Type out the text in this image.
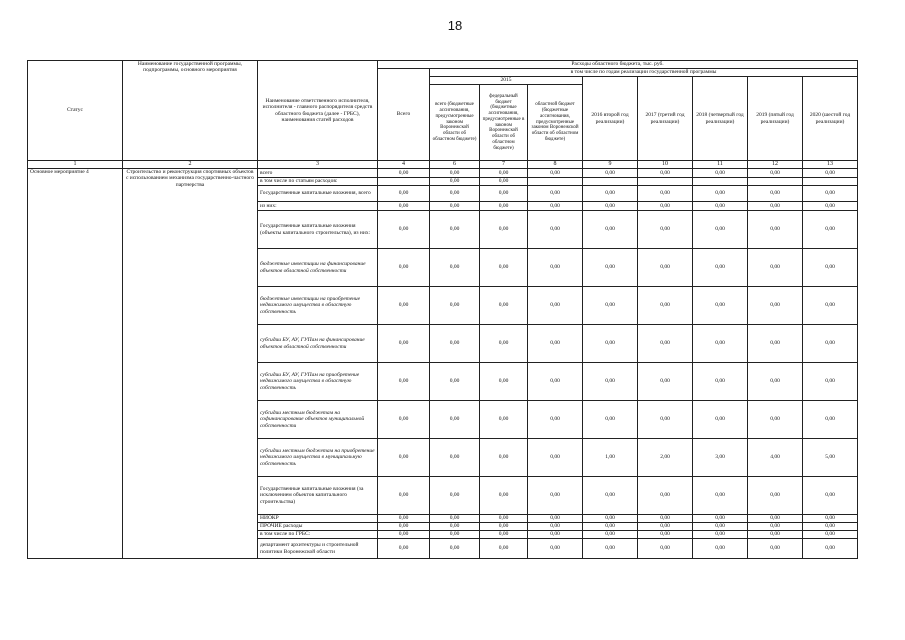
18
Статус	Наименование государственной программы, подпрограммы, основного мероприятия	Наименование ответственного исполнителя, исполнителя - главного распорядителя средств областного бюджета (далее - ГРБС), наименования статей расходов	Расходы областного бюджета, тыс. руб.								
			Всего	в том числе по годам реализации государственной программы							
				2015			2016 второй год реализации)	2017 (третий год реализации)	2018 (четвертый год реализации)	2019 (пятый год реализации)	2020 (шестой год реализации)
				всего (бюджетные ассигнования, предусмотренные законом Воронежской области об областном бюджете)	федеральный бюджет (бюджетные ассигнования, предусмотренные в законом Воронежской области об областном бюджете)	областной бюджет (бюджетные ассигнования, предусмотренные законом Воронежской области об областном бюджете)					
1	2	3	4	6	7	8	9	10	11	12	13
Основное мероприятие 4	Строительство и реконструкция спортивных объектов с использованием механизма государственно-частного партнерства	всего	0,00	0,00	0,00	0,00	0,00	0,00	0,00	0,00	0,00
		в том числе по статьям расходов:		0,00	0,00						
		Государственные капитальные вложения, всего	0,00	0,00	0,00	0,00	0,00	0,00	0,00	0,00	0,00
		из них:	0,00	0,00	0,00	0,00	0,00	0,00	0,00	0,00	0,00
		Государственные капитальные вложения (объекты капитального строительства), из них:	0,00	0,00	0,00	0,00	0,00	0,00	0,00	0,00	0,00
		бюджетные инвестиции на финансирование объектов областной собственности	0,00	0,00	0,00	0,00	0,00	0,00	0,00	0,00	0,00
		бюджетные инвестиции на приобретение недвижимого имущества в областную собственность	0,00	0,00	0,00	0,00	0,00	0,00	0,00	0,00	0,00
		субсидии БУ, АУ, ГУПам на финансирование объектов областной собственности	0,00	0,00	0,00	0,00	0,00	0,00	0,00	0,00	0,00
		субсидии БУ, АУ, ГУПам на приобретение недвижимого имущества в областную собственность	0,00	0,00	0,00	0,00	0,00	0,00	0,00	0,00	0,00
		субсидии местным бюджетам на софинансирование объектов муниципальной собственности	0,00	0,00	0,00	0,00	0,00	0,00	0,00	0,00	0,00
		субсидии местным бюджетам на приобретение недвижимого имущества в муниципальную собственность	0,00	0,00	0,00	0,00	1,00	2,00	3,00	4,00	5,00
		Государственные капитальные вложения (за исключением объектов капитального строительства)	0,00	0,00	0,00	0,00	0,00	0,00	0,00	0,00	0,00
		НИОКР	0,00	0,00	0,00	0,00	0,00	0,00	0,00	0,00	0,00
		ПРОЧИЕ расходы	0,00	0,00	0,00	0,00	0,00	0,00	0,00	0,00	0,00
		в том числе по ГРБС:	0,00	0,00	0,00	0,00	0,00	0,00	0,00	0,00	0,00
		департамент архитектуры и строительной политики Воронежской области	0,00	0,00	0,00	0,00	0,00	0,00	0,00	0,00	0,00
